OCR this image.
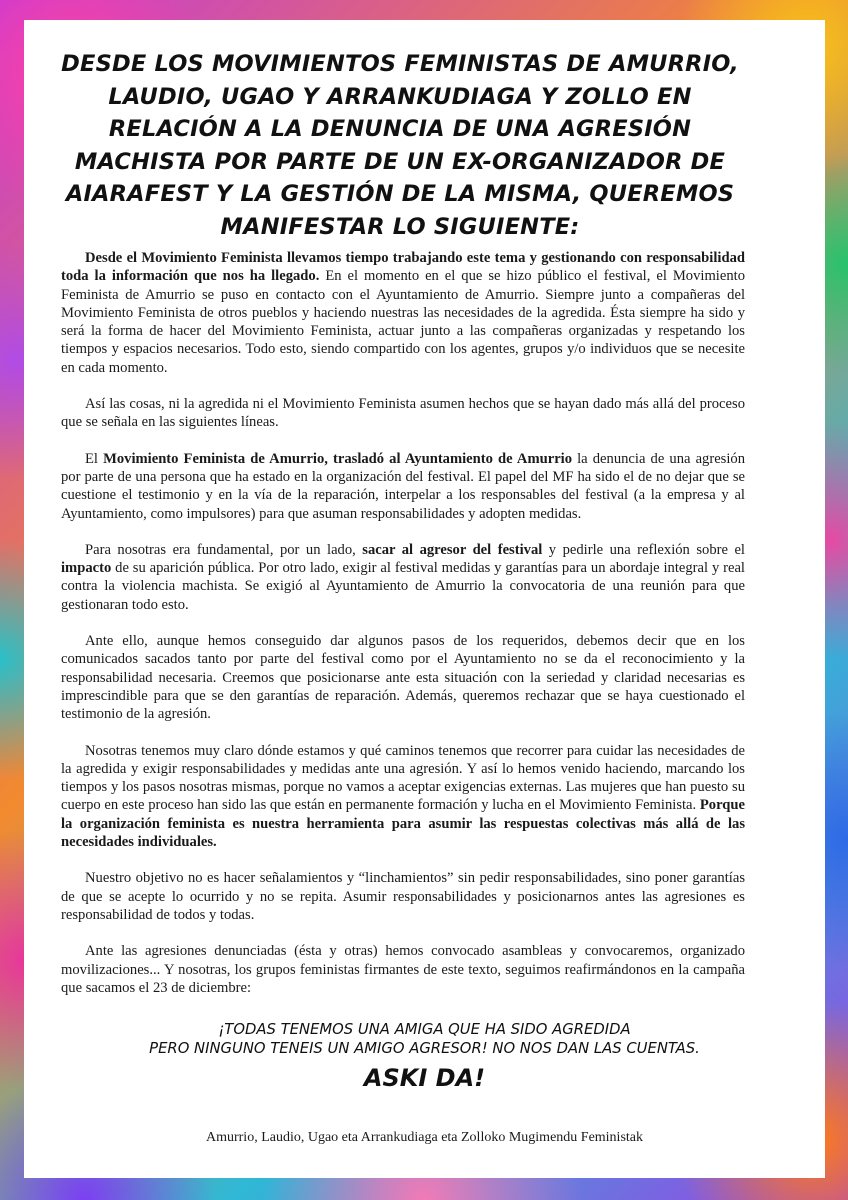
DESDE LOS MOVIMIENTOS FEMINISTAS DE AMURRIO, LAUDIO, UGAO Y ARRANKUDIAGA Y ZOLLO EN RELACIÓN A LA DENUNCIA DE UNA AGRESIÓN MACHISTA POR PARTE DE UN EX-ORGANIZADOR DE AIARAFEST Y LA GESTIÓN DE LA MISMA, QUEREMOS MANIFESTAR LO SIGUIENTE:

Desde el Movimiento Feminista llevamos tiempo trabajando este tema y gestionando con responsabilidad toda la información que nos ha llegado. En el momento en el que se hizo público el festival, el Movimiento Feminista de Amurrio se puso en contacto con el Ayuntamiento de Amurrio. Siempre junto a compañeras del Movimiento Feminista de otros pueblos y haciendo nuestras las necesidades de la agredida. Ésta siempre ha sido y será la forma de hacer del Movimiento Feminista, actuar junto a las compañeras organizadas y respetando los tiempos y espacios necesarios. Todo esto, siendo compartido con los agentes, grupos y/o individuos que se necesite en cada momento.

Así las cosas, ni la agredida ni el Movimiento Feminista asumen hechos que se hayan dado más allá del proceso que se señala en las siguientes líneas.

El Movimiento Feminista de Amurrio, trasladó al Ayuntamiento de Amurrio la denuncia de una agresión por parte de una persona que ha estado en la organización del festival. El papel del MF ha sido el de no dejar que se cuestione el testimonio y en la vía de la reparación, interpelar a los responsables del festival (a la empresa y al Ayuntamiento, como impulsores) para que asuman responsabilidades y adopten medidas.

Para nosotras era fundamental, por un lado, sacar al agresor del festival y pedirle una reflexión sobre el impacto de su aparición pública. Por otro lado, exigir al festival medidas y garantías para un abordaje integral y real contra la violencia machista. Se exigió al Ayuntamiento de Amurrio la convocatoria de una reunión para que gestionaran todo esto.

Ante ello, aunque hemos conseguido dar algunos pasos de los requeridos, debemos decir que en los comunicados sacados tanto por parte del festival como por el Ayuntamiento no se da el reconocimiento y la responsabilidad necesaria. Creemos que posicionarse ante esta situación con la seriedad y claridad necesarias es imprescindible para que se den garantías de reparación. Además, queremos rechazar que se haya cuestionado el testimonio de la agresión.

Nosotras tenemos muy claro dónde estamos y qué caminos tenemos que recorrer para cuidar las necesidades de la agredida y exigir responsabilidades y medidas ante una agresión. Y así lo hemos venido haciendo, marcando los tiempos y los pasos nosotras mismas, porque no vamos a aceptar exigencias externas. Las mujeres que han puesto su cuerpo en este proceso han sido las que están en permanente formación y lucha en el Movimiento Feminista. Porque la organización feminista es nuestra herramienta para asumir las respuestas colectivas más allá de las necesidades individuales.

Nuestro objetivo no es hacer señalamientos y “linchamientos” sin pedir responsabilidades, sino poner garantías de que se acepte lo ocurrido y no se repita. Asumir responsabilidades y posicionarnos antes las agresiones es responsabilidad de todos y todas.

Ante las agresiones denunciadas (ésta y otras) hemos convocado asambleas y convocaremos, organizado movilizaciones... Y nosotras, los grupos feministas firmantes de este texto, seguimos reafirmándonos en la campaña que sacamos el 23 de diciembre:

¡TODAS TENEMOS UNA AMIGA QUE HA SIDO AGREDIDA
PERO NINGUNO TENEIS UN AMIGO AGRESOR! NO NOS DAN LAS CUENTAS.
ASKI DA!
Amurrio, Laudio, Ugao eta Arrankudiaga eta Zolloko Mugimendu Feministak
